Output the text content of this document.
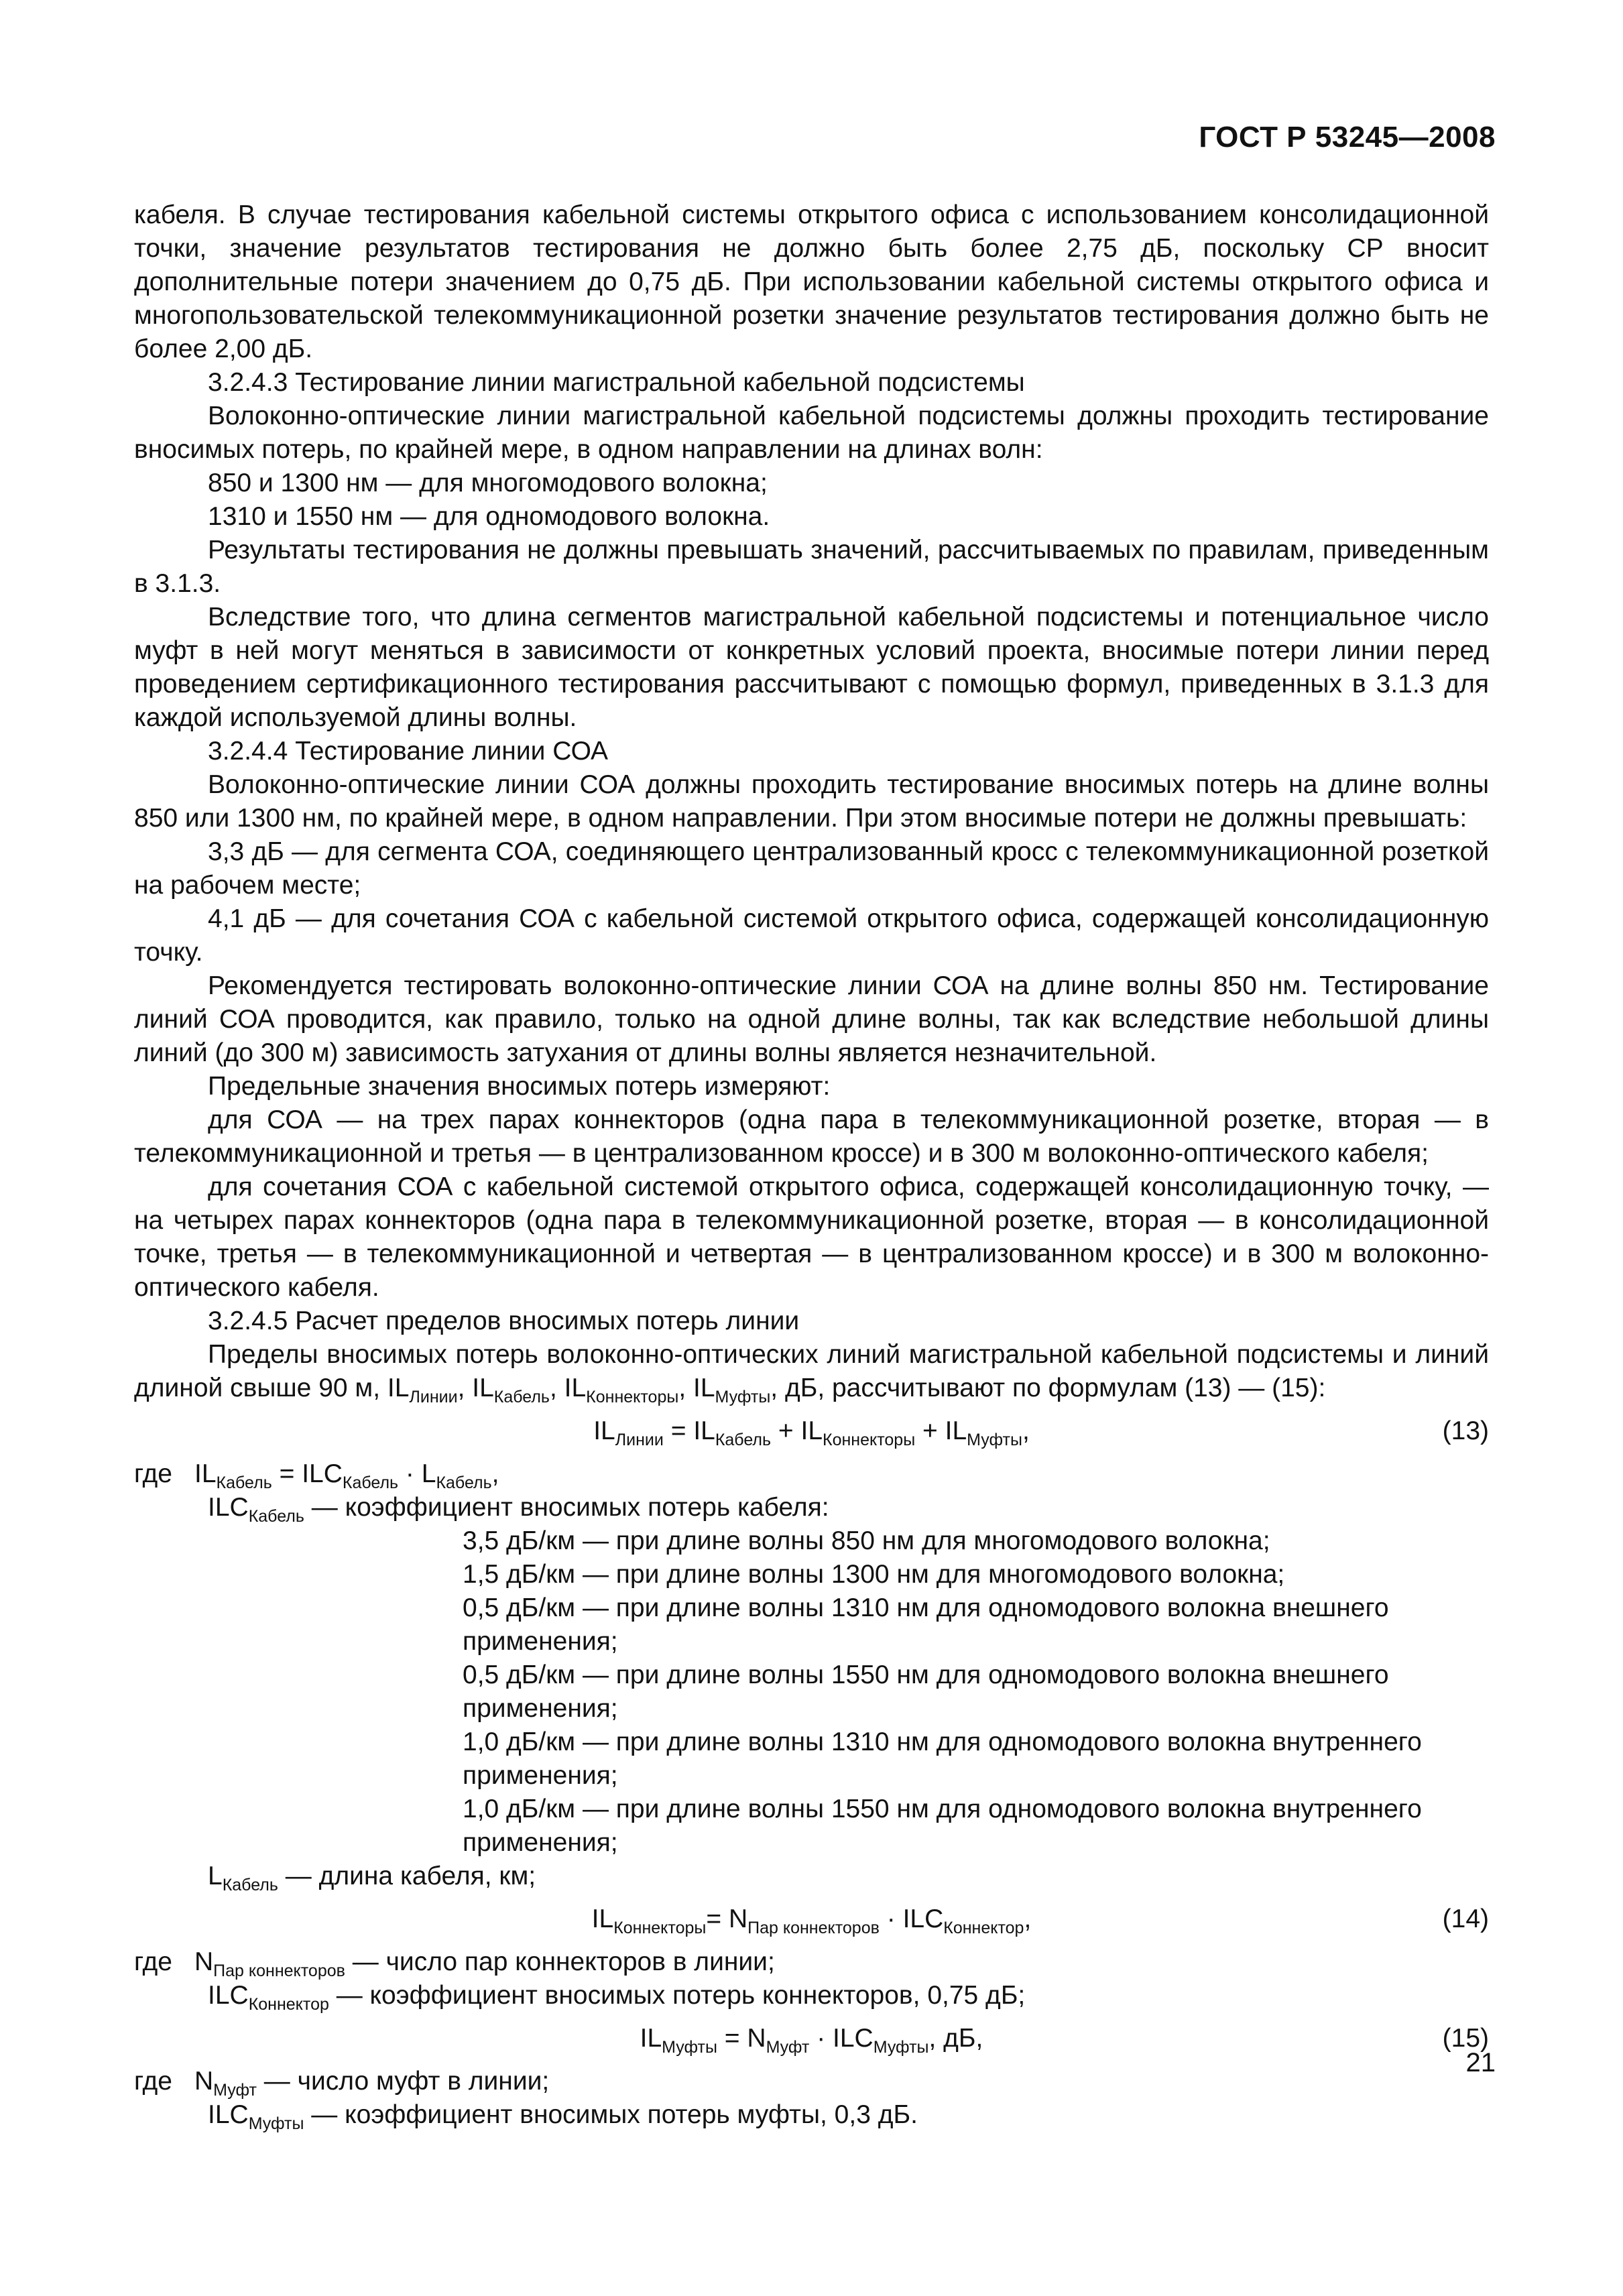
ГОСТ Р 53245—2008
кабеля. В случае тестирования кабельной системы открытого офиса с использованием консолидационной точки, значение результатов тестирования не должно быть более 2,75 дБ, поскольку СР вносит дополнительные потери значением до 0,75 дБ. При использовании кабельной системы открытого офиса и многопользовательской телекоммуникационной розетки значение результатов тестирования должно быть не более 2,00 дБ.
3.2.4.3 Тестирование линии магистральной кабельной подсистемы
Волоконно-оптические линии магистральной кабельной подсистемы должны проходить тестирование вносимых потерь, по крайней мере, в одном направлении на длинах волн:
850 и 1300 нм — для многомодового волокна;
1310 и 1550 нм — для одномодового волокна.
Результаты тестирования не должны превышать значений, рассчитываемых по правилам, приведенным в 3.1.3.
Вследствие того, что длина сегментов магистральной кабельной подсистемы и потенциальное число муфт в ней могут меняться в зависимости от конкретных условий проекта, вносимые потери линии перед проведением сертификационного тестирования рассчитывают с помощью формул, приведенных в 3.1.3 для каждой используемой длины волны.
3.2.4.4 Тестирование линии СОА
Волоконно-оптические линии СОА должны проходить тестирование вносимых потерь на длине волны 850 или 1300 нм, по крайней мере, в одном направлении. При этом вносимые потери не должны превышать:
3,3 дБ — для сегмента СОА, соединяющего централизованный кросс с телекоммуникационной розеткой на рабочем месте;
4,1 дБ — для сочетания СОА с кабельной системой открытого офиса, содержащей консолидационную точку.
Рекомендуется тестировать волоконно-оптические линии СОА на длине волны 850 нм. Тестирование линий СОА проводится, как правило, только на одной длине волны, так как вследствие небольшой длины линий (до 300 м) зависимость затухания от длины волны является незначительной.
Предельные значения вносимых потерь измеряют:
для СОА — на трех парах коннекторов (одна пара в телекоммуникационной розетке, вторая — в телекоммуникационной и третья — в централизованном кроссе) и в 300 м волоконно-оптического кабеля;
для сочетания СОА с кабельной системой открытого офиса, содержащей консолидационную точку, — на четырех парах коннекторов (одна пара в телекоммуникационной розетке, вторая — в консолидационной точке, третья — в телекоммуникационной и четвертая — в централизованном кроссе) и в 300 м волоконно-оптического кабеля.
3.2.4.5 Расчет пределов вносимых потерь линии
Пределы вносимых потерь волоконно-оптических линий магистральной кабельной подсистемы и линий длиной свыше 90 м, $IL_{Линии}$, $IL_{Кабель}$, $IL_{Коннекторы}$, $IL_{Муфты}$, дБ, рассчитывают по формулам (13) — (15):
$IL_{Линии} = IL_{Кабель} + IL_{Коннекторы} + IL_{Муфты}$,	(13)
где $IL_{Кабель} = ILC_{Кабель} \cdot L_{Кабель}$,
$ILC_{Кабель}$ — коэффициент вносимых потерь кабеля:
3,5 дБ/км — при длине волны 850 нм для многомодового волокна;
1,5 дБ/км — при длине волны 1300 нм для многомодового волокна;
0,5 дБ/км — при длине волны 1310 нм для одномодового волокна внешнего применения;
0,5 дБ/км — при длине волны 1550 нм для одномодового волокна внешнего применения;
1,0 дБ/км — при длине волны 1310 нм для одномодового волокна внутреннего применения;
1,0 дБ/км — при длине волны 1550 нм для одномодового волокна внутреннего применения;
$L_{Кабель}$ — длина кабеля, км;
$IL_{Коннекторы}= N_{Пар коннекторов} \cdot ILC_{Коннектор}$,	(14)
где $N_{Пар коннекторов}$ — число пар коннекторов в линии;
$ILC_{Коннектор}$ — коэффициент вносимых потерь коннекторов, 0,75 дБ;
$IL_{Муфты} = N_{Муфт} \cdot ILC_{Муфты}$, дБ,	(15)
где $N_{Муфт}$ — число муфт в линии;
$ILC_{Муфты}$ — коэффициент вносимых потерь муфты, 0,3 дБ.
21
